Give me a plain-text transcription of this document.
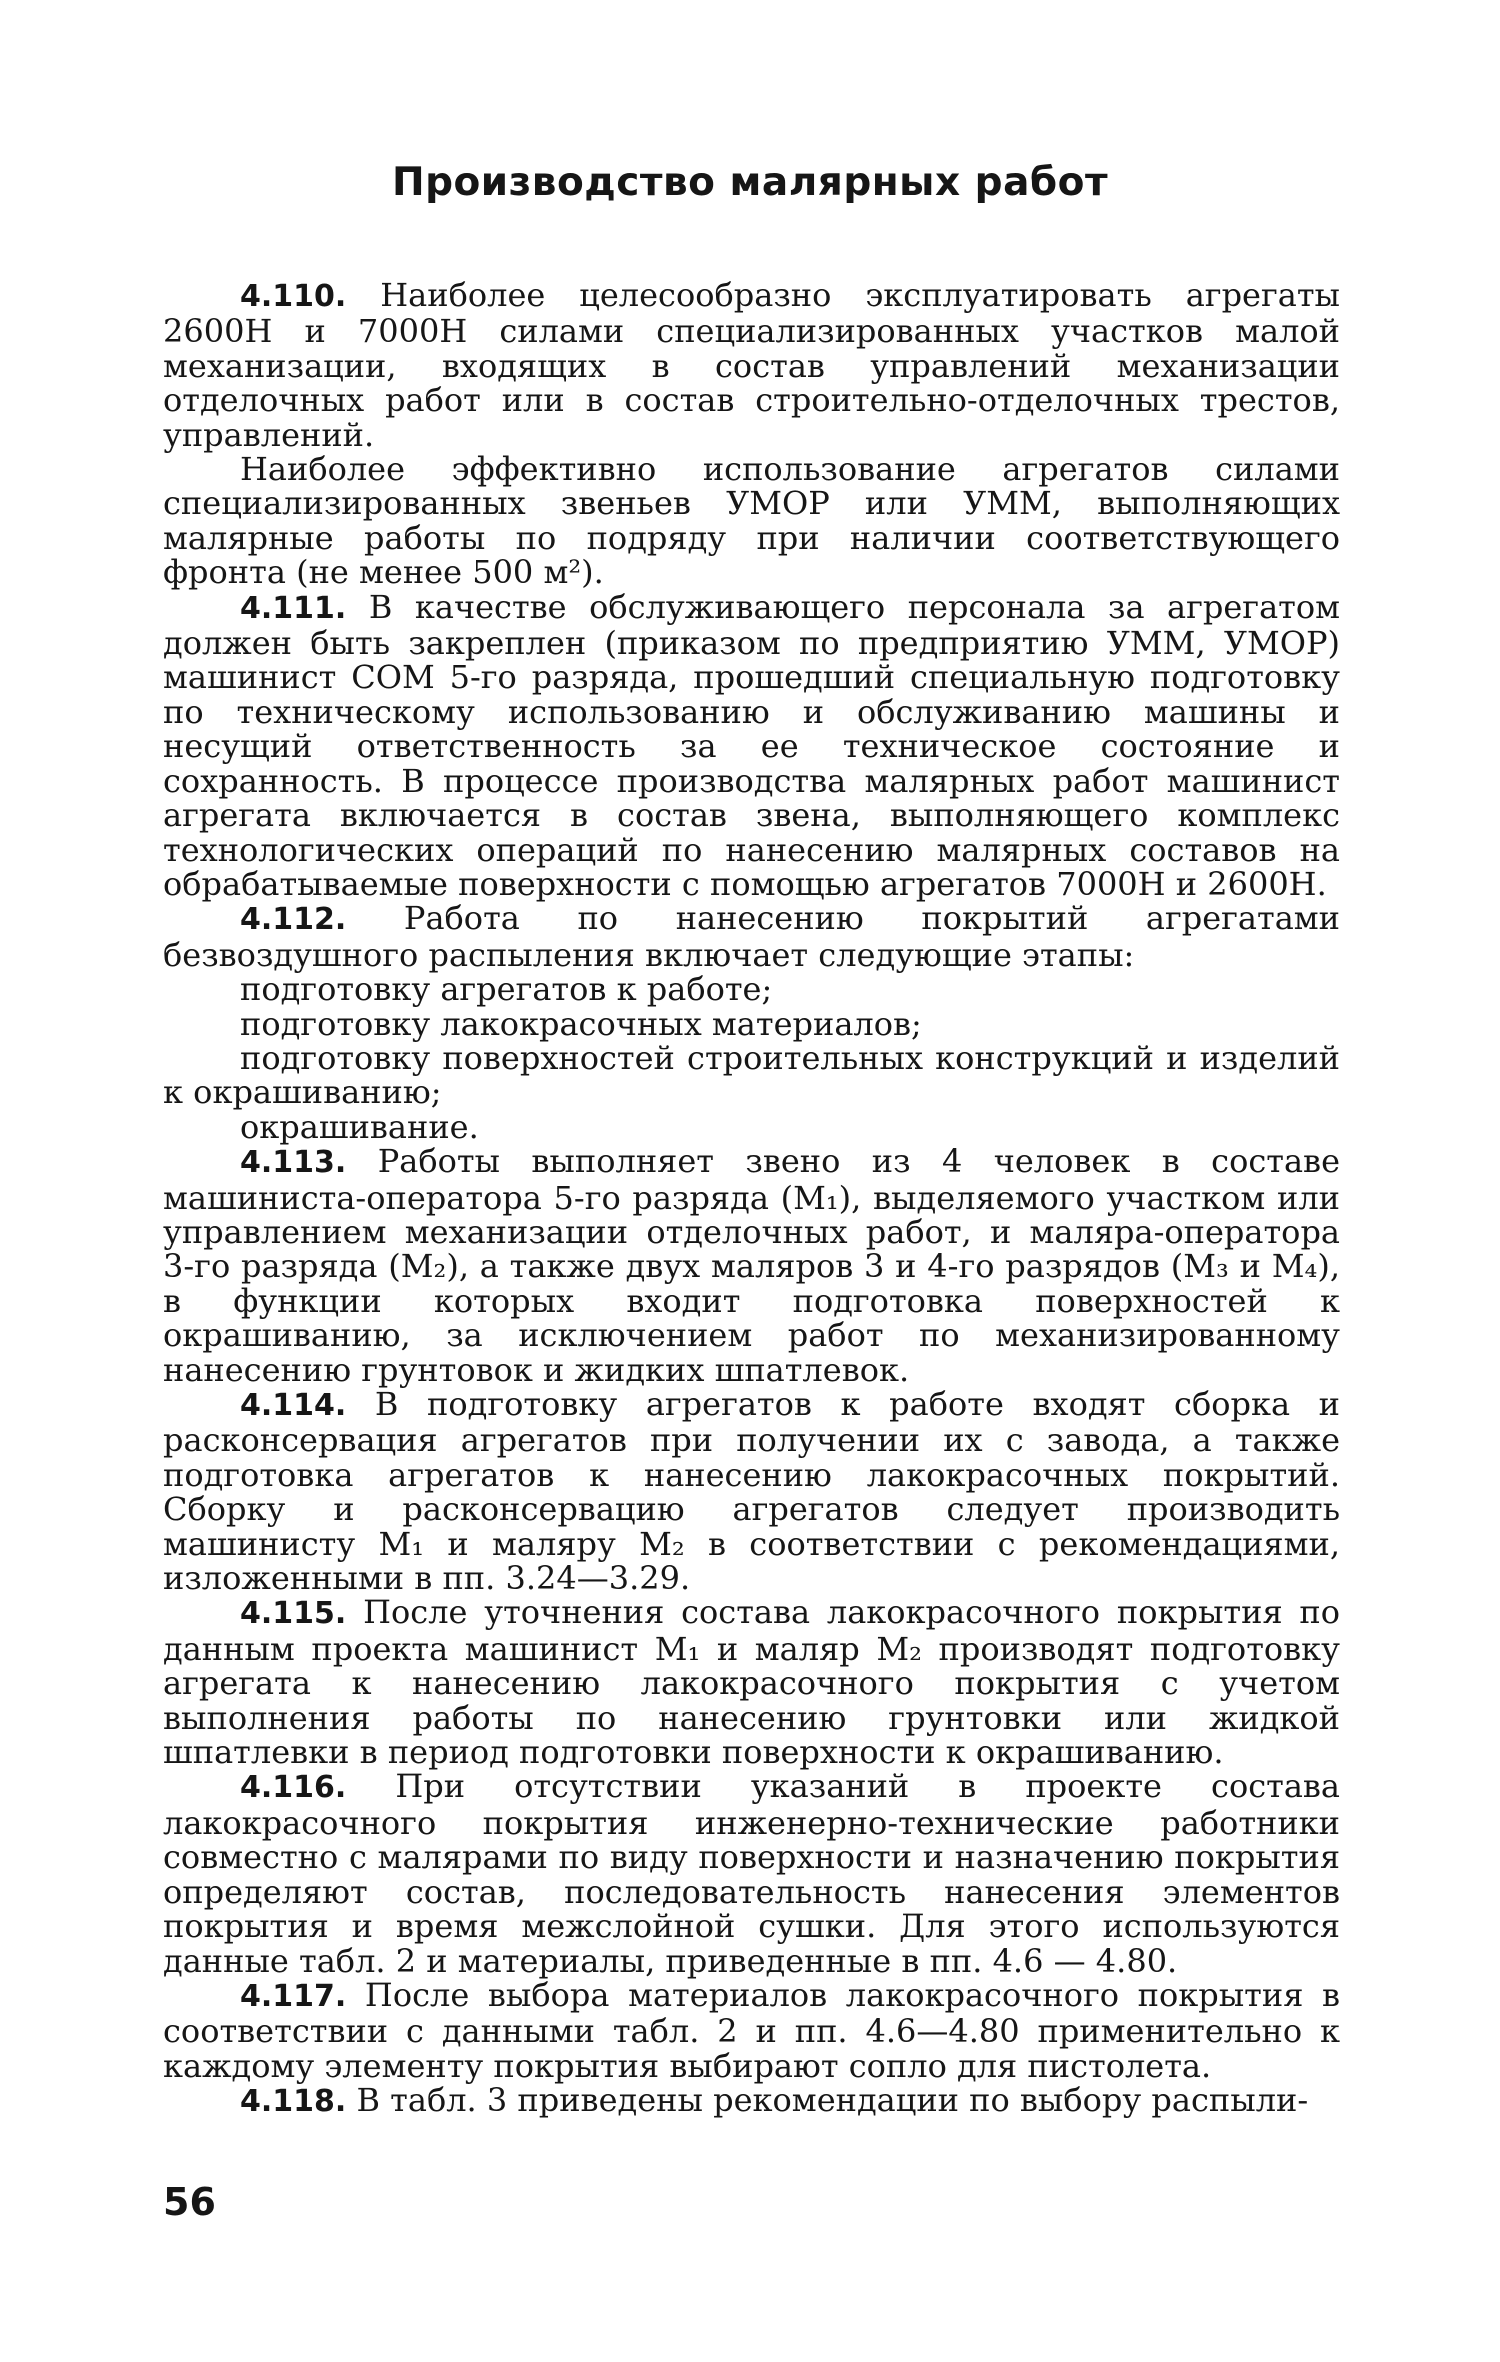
Производство малярных работ

4.110. Наиболее целесообразно эксплуатировать агрегаты 2600Н и 7000Н силами специализированных участков малой механизации, входящих в состав управлений механизации отделочных работ или в состав строительно-отделочных трестов, управлений.

Наиболее эффективно использование агрегатов силами специализированных звеньев УМОР или УММ, выполняющих малярные работы по подряду при наличии соответствующего фронта (не менее 500 м²).

4.111. В качестве обслуживающего персонала за агрегатом должен быть закреплен (приказом по предприятию УММ, УМОР) машинист СОМ 5-го разряда, прошедший специальную подготовку по техническому использованию и обслуживанию машины и несущий ответственность за ее техническое состояние и сохранность. В процессе производства малярных работ машинист агрегата включается в состав звена, выполняющего комплекс технологических операций по нанесению малярных составов на обрабатываемые поверхности с помощью агрегатов 7000Н и 2600Н.

4.112. Работа по нанесению покрытий агрегатами безвоздушного распыления включает следующие этапы:

подготовку агрегатов к работе;

подготовку лакокрасочных материалов;

подготовку поверхностей строительных конструкций и изделий к окрашиванию;

окрашивание.

4.113. Работы выполняет звено из 4 человек в составе машиниста-оператора 5-го разряда (М₁), выделяемого участком или управлением механизации отделочных работ, и маляра-оператора 3-го разряда (М₂), а также двух маляров 3 и 4-го разрядов (М₃ и М₄), в функции которых входит подготовка поверхностей к окрашиванию, за исключением работ по механизированному нанесению грунтовок и жидких шпатлевок.

4.114. В подготовку агрегатов к работе входят сборка и расконсервация агрегатов при получении их с завода, а также подготовка агрегатов к нанесению лакокрасочных покрытий. Сборку и расконсервацию агрегатов следует производить машинисту М₁ и маляру М₂ в соответствии с рекомендациями, изложенными в пп. 3.24—3.29.

4.115. После уточнения состава лакокрасочного покрытия по данным проекта машинист М₁ и маляр М₂ производят подготовку агрегата к нанесению лакокрасочного покрытия с учетом выполнения работы по нанесению грунтовки или жидкой шпатлевки в период подготовки поверхности к окрашиванию.

4.116. При отсутствии указаний в проекте состава лакокрасочного покрытия инженерно-технические работники совместно с малярами по виду поверхности и назначению покрытия определяют состав, последовательность нанесения элементов покрытия и время межслойной сушки. Для этого используются данные табл. 2 и материалы, приведенные в пп. 4.6 — 4.80.

4.117. После выбора материалов лакокрасочного покрытия в соответствии с данными табл. 2 и пп. 4.6—4.80 применительно к каждому элементу покрытия выбирают сопло для пистолета.

4.118. В табл. 3 приведены рекомендации по выбору распыли-

56
